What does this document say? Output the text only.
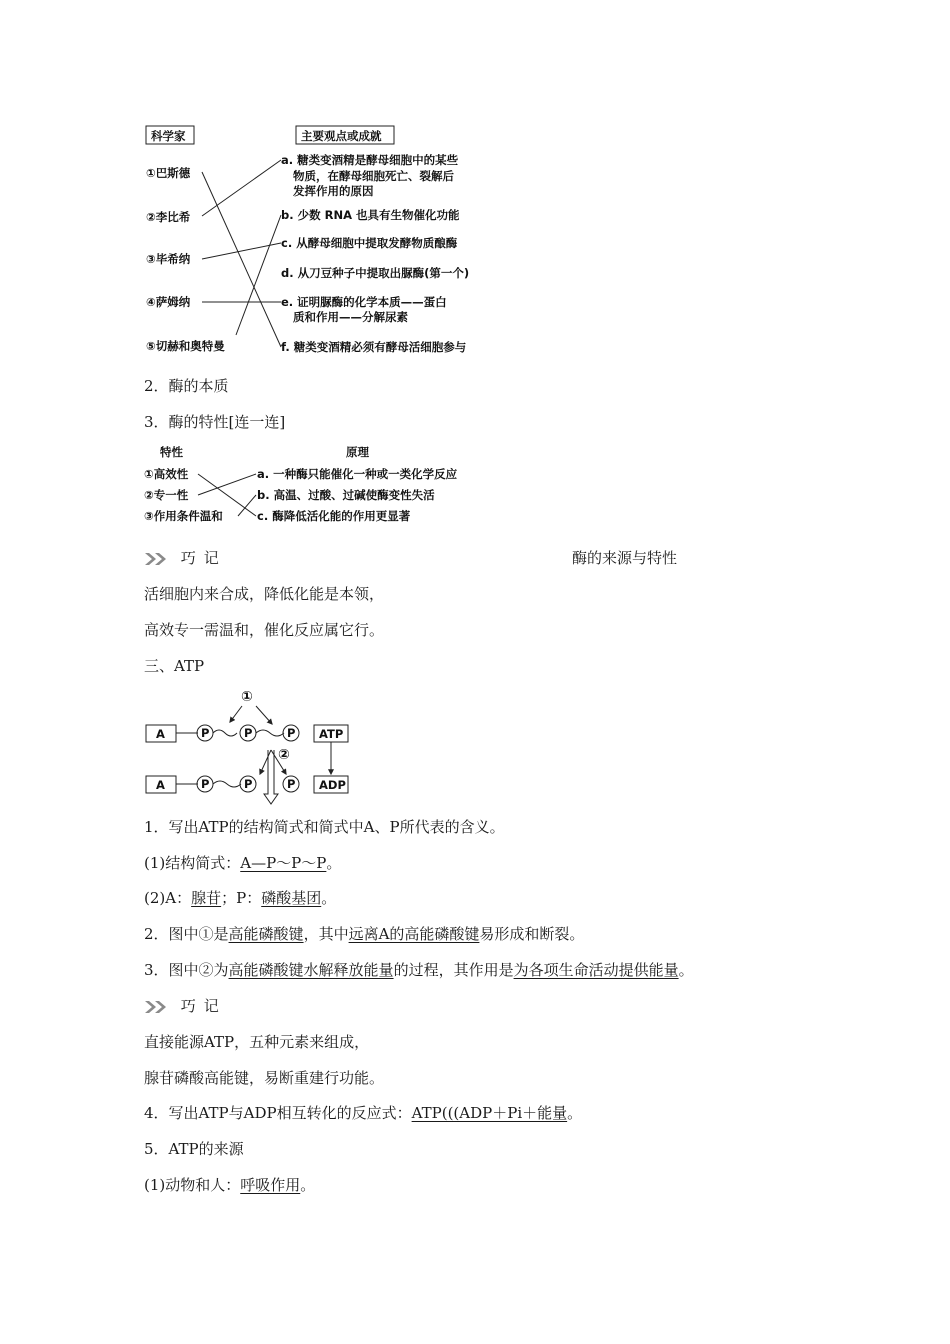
科学家	主要观点或成就
①巴斯德
②李比希
③毕希纳
④萨姆纳
⑤切赫和奥特曼
a. 糖类变酒精是酵母细胞中的某些
物质，在酵母细胞死亡、裂解后
发挥作用的原因
b. 少数 RNA 也具有生物催化功能
c. 从酵母细胞中提取发酵物质酿酶
d. 从刀豆种子中提取出脲酶(第一个)
e. 证明脲酶的化学本质——蛋白
质和作用——分解尿素
f. 糖类变酒精必须有酵母活细胞参与
2．酶的本质
3．酶的特性[连一连]
特性	原理
①高效性
②专一性
③作用条件温和
a. 一种酶只能催化一种或一类化学反应
b. 高温、过酸、过碱使酶变性失活
c. 酶降低活化能的作用更显著
巧记	酶的来源与特性
活细胞内来合成，降低化能是本领，
高效专一需温和，催化反应属它行。
三、ATP
A
A
P	P	P
P	P	P
①
②
ATP
ADP
1．写出ATP的结构简式和简式中A、P所代表的含义。
(1)结构简式：A—P～P～P。
(2)A：腺苷；P：磷酸基团。
2．图中①是高能磷酸键，其中远离A的高能磷酸键易形成和断裂。
3．图中②为高能磷酸键水解释放能量的过程，其作用是为各项生命活动提供能量。
巧记
直接能源ATP，五种元素来组成，
腺苷磷酸高能键，易断重建行功能。
4．写出ATP与ADP相互转化的反应式：ATP(((ADP＋Pi＋能量。
5．ATP的来源
(1)动物和人：呼吸作用。
